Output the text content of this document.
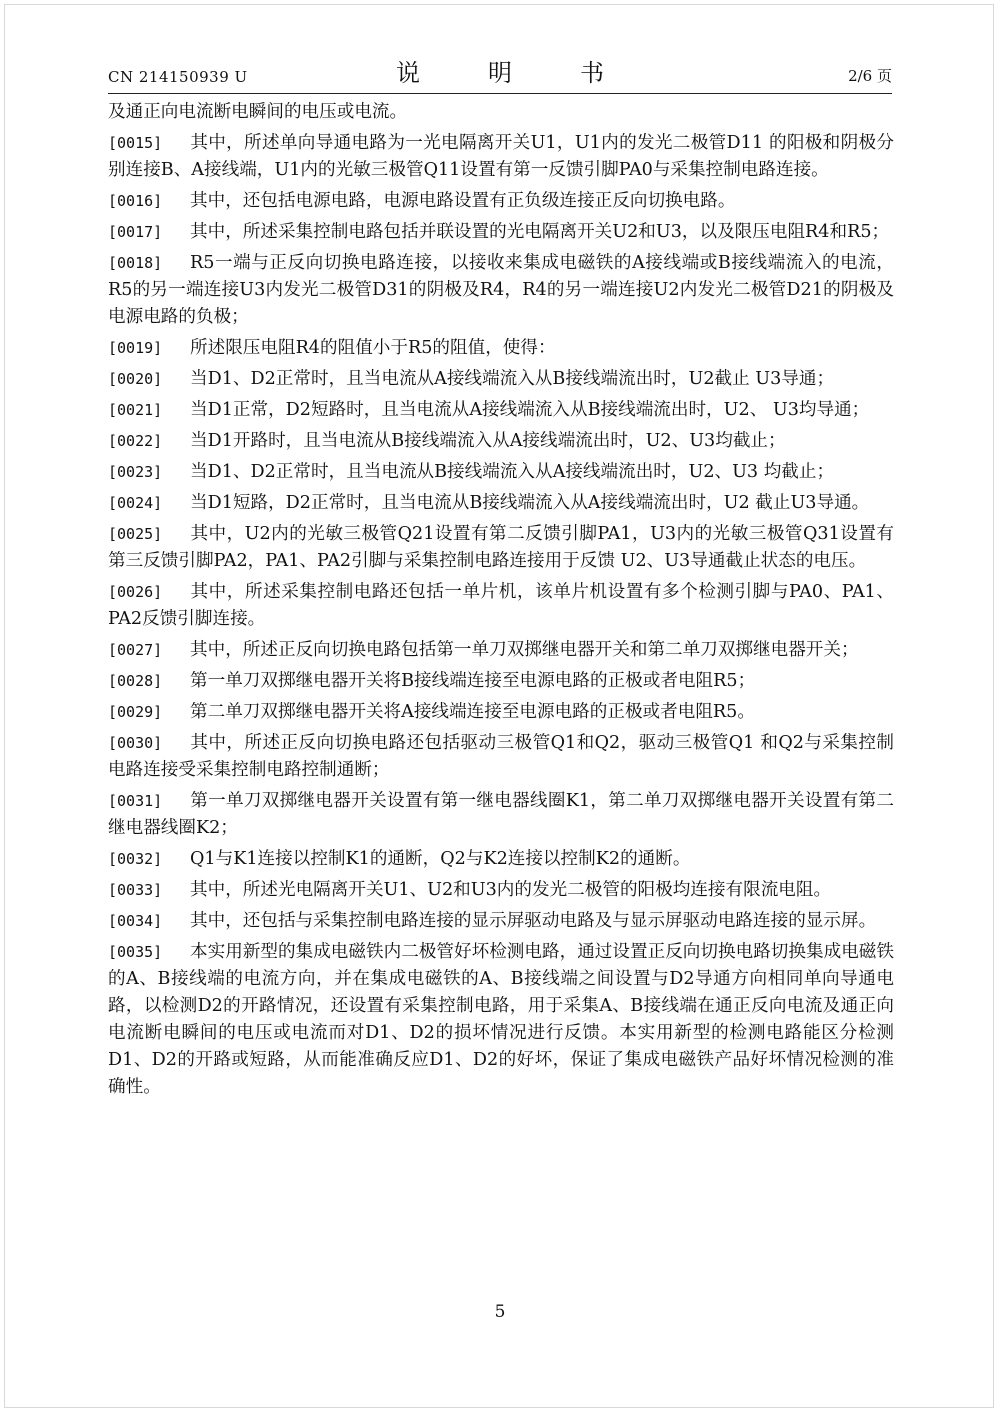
CN 214150939 U	说　明　书	2/6 页

及通正向电流断电瞬间的电压或电流。

[0015] 其中，所述单向导通电路为一光电隔离开关U1，U1内的发光二极管D11 的阳极和阴极分别连接B、A接线端，U1内的光敏三极管Q11设置有第一反馈引脚PA0与采集控制电路连接。

[0016] 其中，还包括电源电路，电源电路设置有正负级连接正反向切换电路。

[0017] 其中，所述采集控制电路包括并联设置的光电隔离开关U2和U3，以及限压电阻R4和R5；

[0018] R5一端与正反向切换电路连接，以接收来集成电磁铁的A接线端或B接线端流入的电流，R5的另一端连接U3内发光二极管D31的阴极及R4，R4的另一端连接U2内发光二极管D21的阴极及电源电路的负极；

[0019] 所述限压电阻R4的阻值小于R5的阻值，使得：

[0020] 当D1、D2正常时，且当电流从A接线端流入从B接线端流出时，U2截止 U3导通；

[0021] 当D1正常，D2短路时，且当电流从A接线端流入从B接线端流出时，U2、 U3均导通；

[0022] 当D1开路时，且当电流从B接线端流入从A接线端流出时，U2、U3均截止；

[0023] 当D1、D2正常时，且当电流从B接线端流入从A接线端流出时，U2、U3 均截止；

[0024] 当D1短路，D2正常时，且当电流从B接线端流入从A接线端流出时，U2 截止U3导通。

[0025] 其中，U2内的光敏三极管Q21设置有第二反馈引脚PA1，U3内的光敏三极管Q31设置有第三反馈引脚PA2，PA1、PA2引脚与采集控制电路连接用于反馈 U2、U3导通截止状态的电压。

[0026] 其中，所述采集控制电路还包括一单片机，该单片机设置有多个检测引脚与PA0、PA1、PA2反馈引脚连接。

[0027] 其中，所述正反向切换电路包括第一单刀双掷继电器开关和第二单刀双掷继电器开关；

[0028] 第一单刀双掷继电器开关将B接线端连接至电源电路的正极或者电阻R5；

[0029] 第二单刀双掷继电器开关将A接线端连接至电源电路的正极或者电阻R5。

[0030] 其中，所述正反向切换电路还包括驱动三极管Q1和Q2，驱动三极管Q1 和Q2与采集控制电路连接受采集控制电路控制通断；

[0031] 第一单刀双掷继电器开关设置有第一继电器线圈K1，第二单刀双掷继电器开关设置有第二继电器线圈K2；

[0032] Q1与K1连接以控制K1的通断，Q2与K2连接以控制K2的通断。

[0033] 其中，所述光电隔离开关U1、U2和U3内的发光二极管的阳极均连接有限流电阻。

[0034] 其中，还包括与采集控制电路连接的显示屏驱动电路及与显示屏驱动电路连接的显示屏。

[0035] 本实用新型的集成电磁铁内二极管好坏检测电路，通过设置正反向切换电路切换集成电磁铁的A、B接线端的电流方向，并在集成电磁铁的A、B接线端之间设置与D2导通方向相同单向导通电路，以检测D2的开路情况，还设置有采集控制电路，用于采集A、B接线端在通正反向电流及通正向电流断电瞬间的电压或电流而对D1、D2的损坏情况进行反馈。本实用新型的检测电路能区分检测D1、D2的开路或短路，从而能准确反应D1、D2的好坏，保证了集成电磁铁产品好坏情况检测的准确性。

5
